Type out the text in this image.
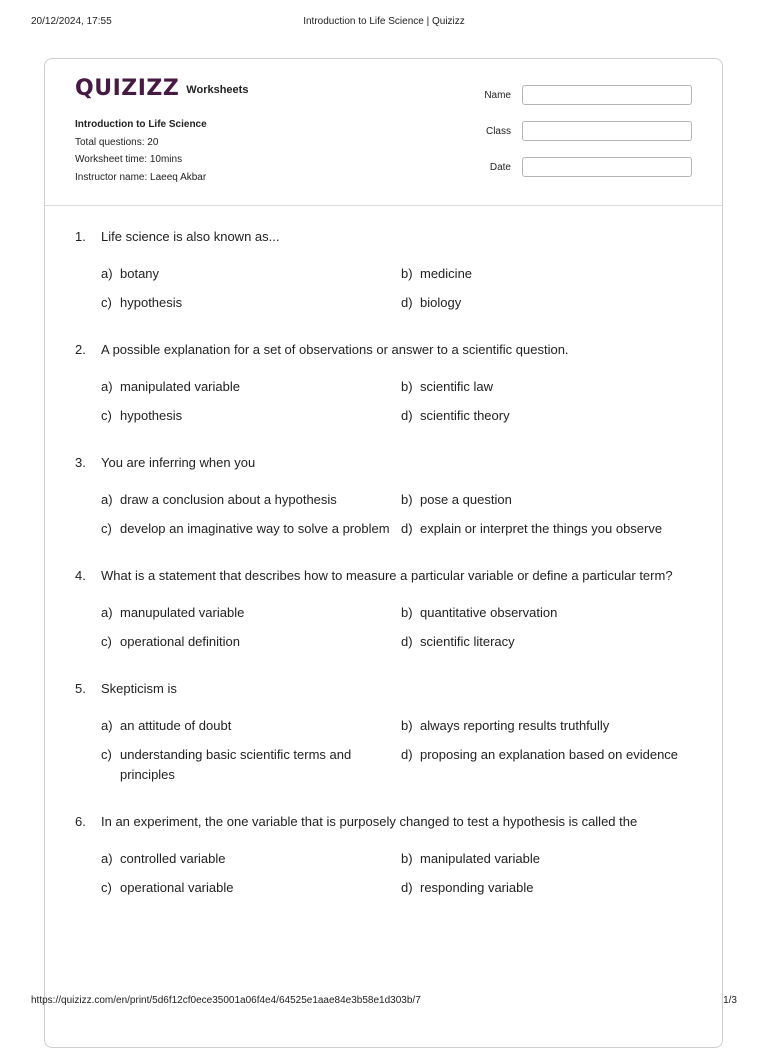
20/12/2024, 17:55	Introduction to Life Science | Quizizz
QUIZIZZ Worksheets
Introduction to Life Science
Total questions: 20
Worksheet time: 10mins
Instructor name: Laeeq Akbar
Name
Class
Date
1.	Life science is also known as...
a) botany	b) medicine
c) hypothesis	d) biology
2.	A possible explanation for a set of observations or answer to a scientific question.
a) manipulated variable	b) scientific law
c) hypothesis	d) scientific theory
3.	You are inferring when you
a) draw a conclusion about a hypothesis	b) pose a question
c) develop an imaginative way to solve a problem d) explain or interpret the things you observe
4.	What is a statement that describes how to measure a particular variable or define a particular term?
a) manupulated variable	b) quantitative observation
c) operational definition	d) scientific literacy
5.	Skepticism is
a) an attitude of doubt	b) always reporting results truthfully
c) understanding basic scientific terms and principles
d) proposing an explanation based on evidence
6.	In an experiment, the one variable that is purposely changed to test a hypothesis is called the
a) controlled variable	b) manipulated variable
c) operational variable	d) responding variable
https://quizizz.com/en/print/5d6f12cf0ece35001a06f4e4/64525e1aae84e3b58e1d303b/7	1/3
